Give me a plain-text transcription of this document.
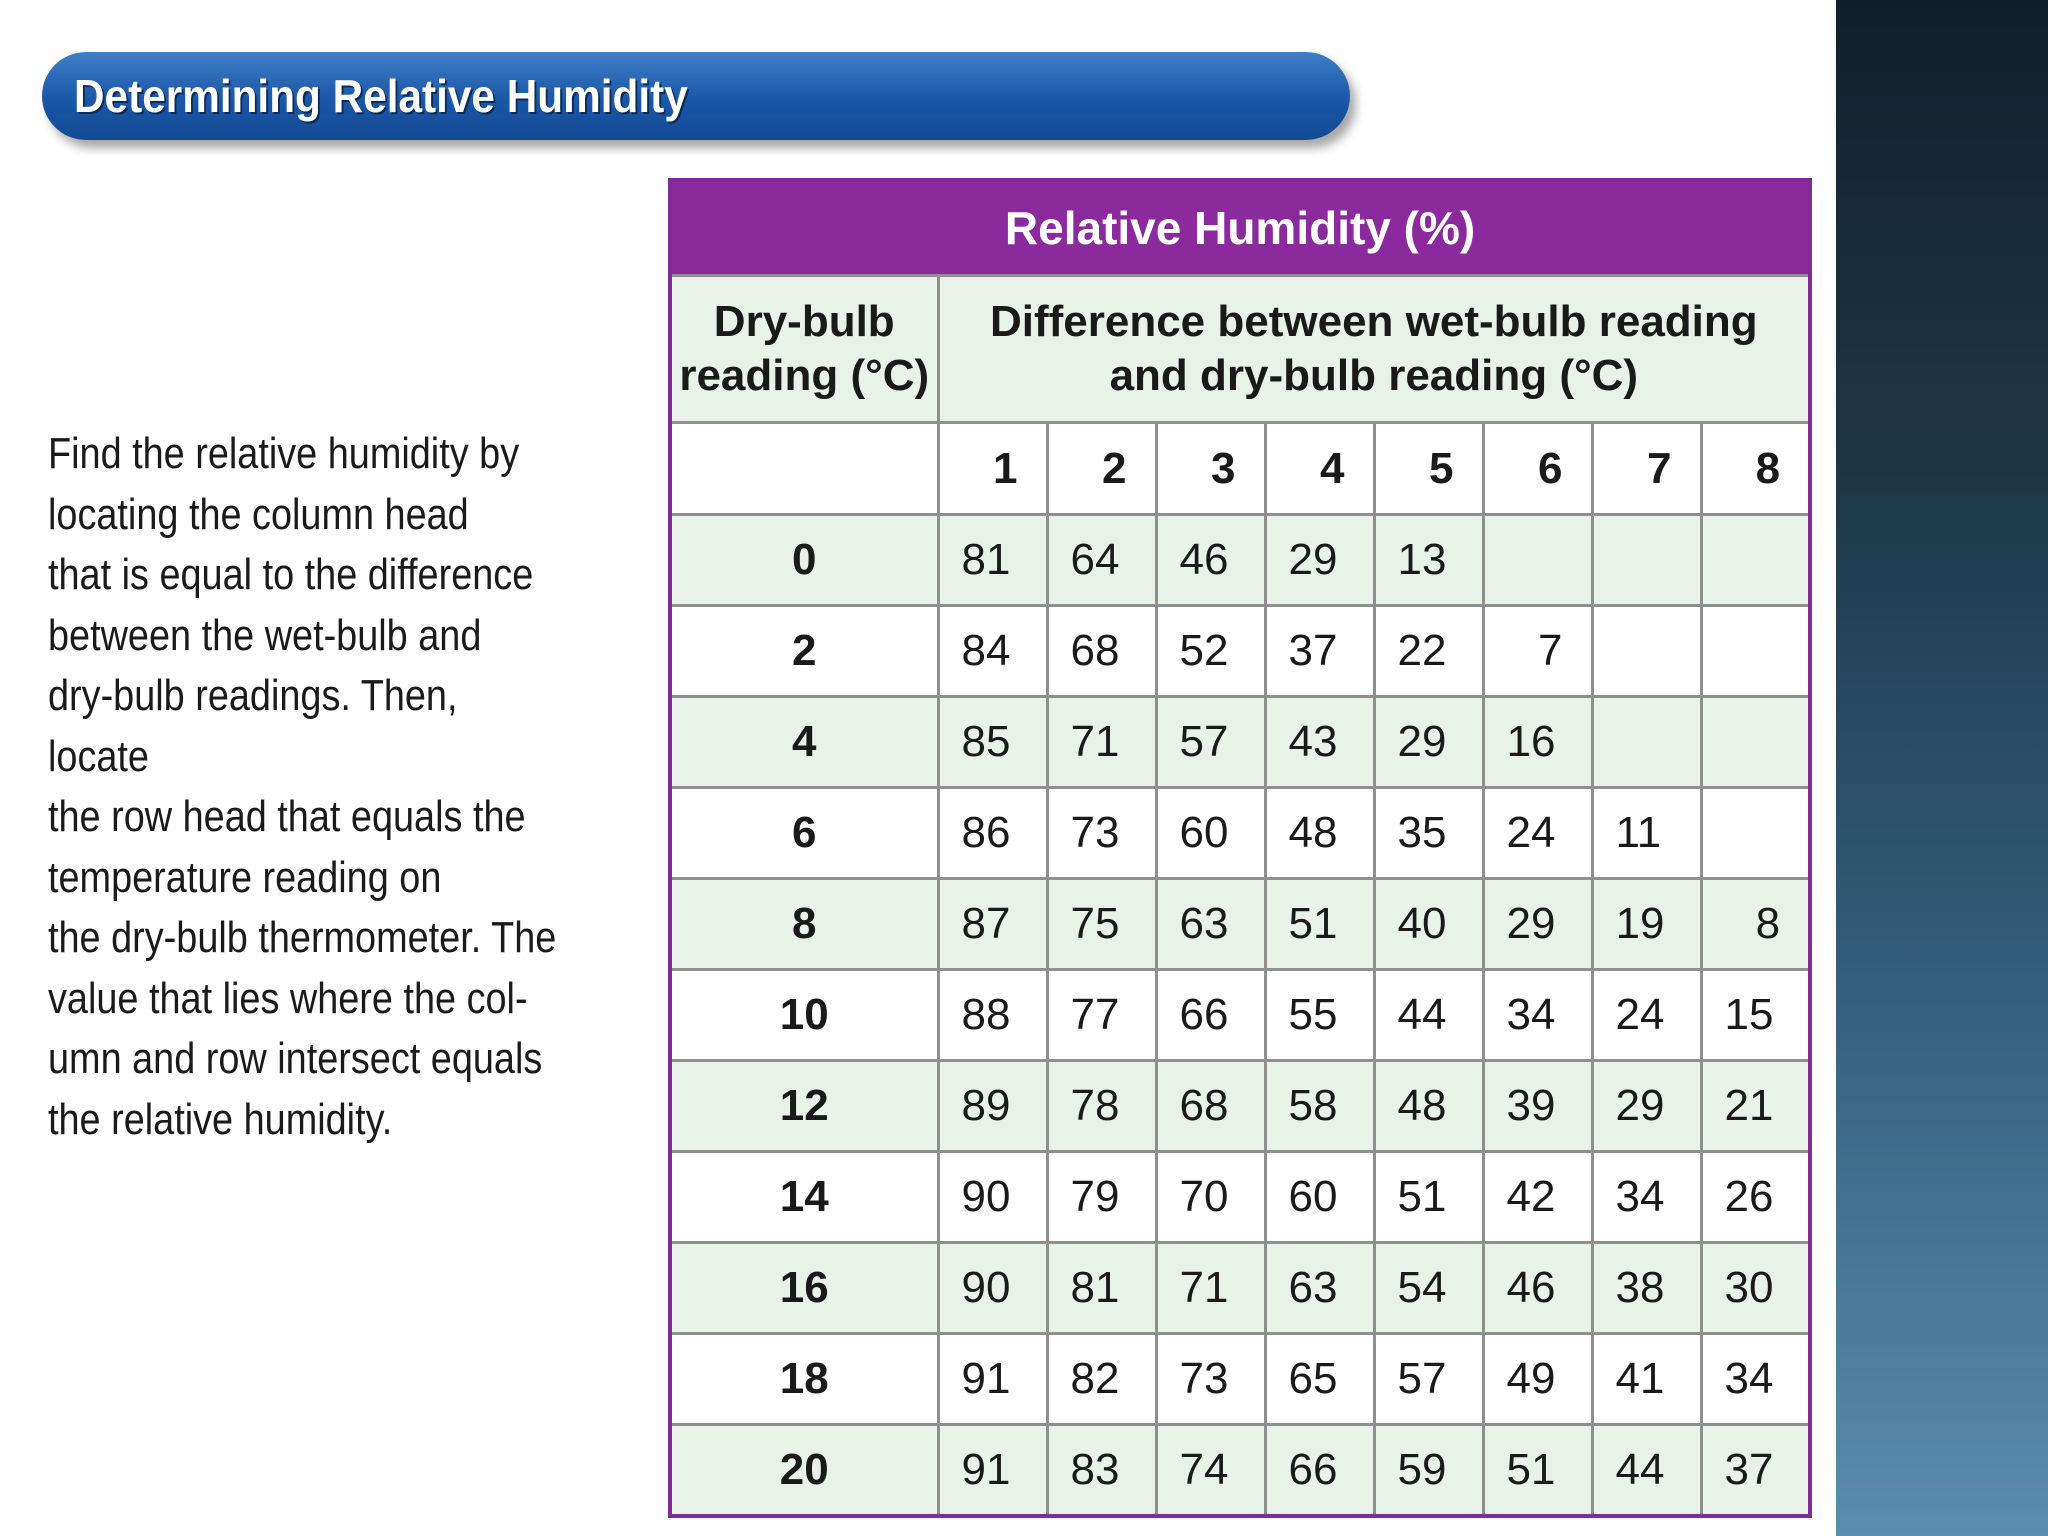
Determining Relative Humidity
Find the relative humidity by
locating the column head
that is equal to the difference
between the wet-bulb and
dry-bulb readings. Then, locate
the row head that equals the
temperature reading on
the dry-bulb thermometer. The
value that lies where the col-
umn and row intersect equals
the relative humidity.
Relative Humidity (%)								
Dry-bulb
reading (°C)	Difference between wet-bulb reading
and dry-bulb reading (°C)							
	1	2	3	4	5	6	7	8
0	81	64	46	29	13			
2	84	68	52	37	22	7		
4	85	71	57	43	29	16		
6	86	73	60	48	35	24	11	
8	87	75	63	51	40	29	19	8
10	88	77	66	55	44	34	24	15
12	89	78	68	58	48	39	29	21
14	90	79	70	60	51	42	34	26
16	90	81	71	63	54	46	38	30
18	91	82	73	65	57	49	41	34
20	91	83	74	66	59	51	44	37
